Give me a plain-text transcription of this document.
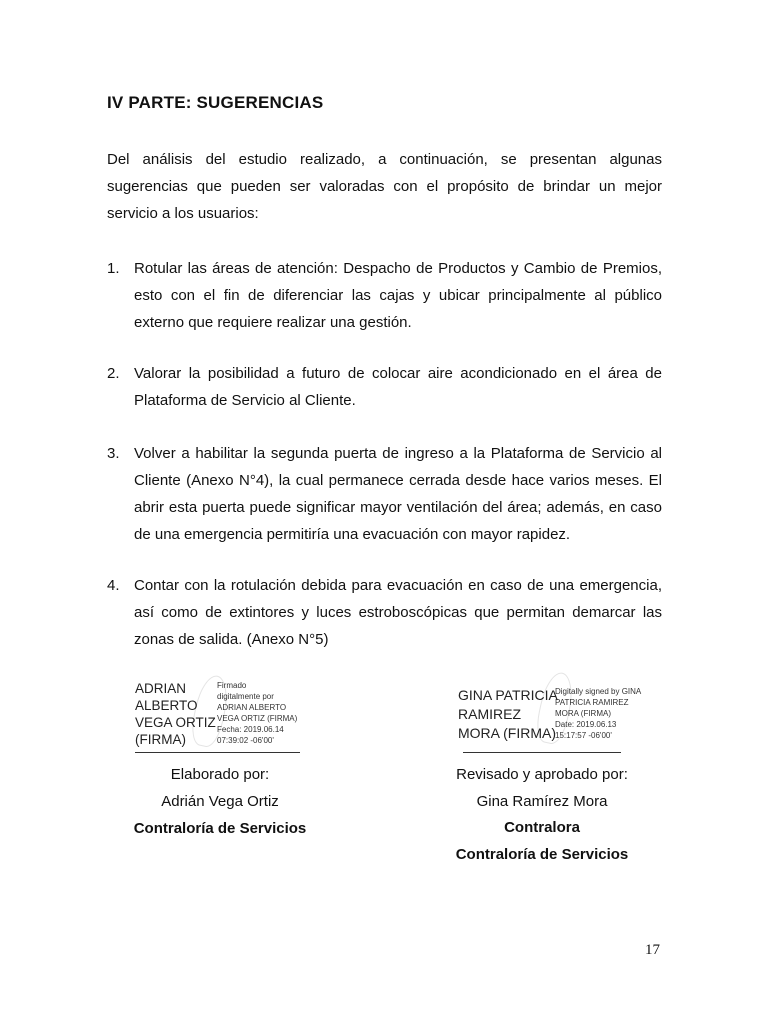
IV PARTE: SUGERENCIAS
Del análisis del estudio realizado, a continuación, se presentan algunas sugerencias que pueden ser valoradas con el propósito de brindar un mejor servicio a los usuarios:
1. Rotular las áreas de atención: Despacho de Productos y Cambio de Premios, esto con el fin de diferenciar las cajas y ubicar principalmente al público externo que requiere realizar una gestión.
2. Valorar la posibilidad a futuro de colocar aire acondicionado en el área de Plataforma de Servicio al Cliente.
3. Volver a habilitar la segunda puerta de ingreso a la Plataforma de Servicio al Cliente (Anexo N°4), la cual permanece cerrada desde hace varios meses. El abrir esta puerta puede significar mayor ventilación del área; además, en caso de una emergencia permitiría una evacuación con mayor rapidez.
4. Contar con la rotulación debida para evacuación en caso de una emergencia, así como de extintores y luces estroboscópicas que permitan demarcar las zonas de salida. (Anexo N°5)
ADRIAN
ALBERTO
VEGA ORTIZ
(FIRMA)
Firmado
digitalmente por
ADRIAN ALBERTO
VEGA ORTIZ (FIRMA)
Fecha: 2019.06.14
07:39:02 -06'00'
Elaborado por:
Adrián Vega Ortiz
Contraloría de Servicios
GINA PATRICIA
RAMIREZ
MORA (FIRMA)
Digitally signed by GINA
PATRICIA RAMIREZ
MORA (FIRMA)
Date: 2019.06.13
15:17:57 -06'00'
Revisado y aprobado por:
Gina Ramírez Mora
Contralora
Contraloría de Servicios
17
